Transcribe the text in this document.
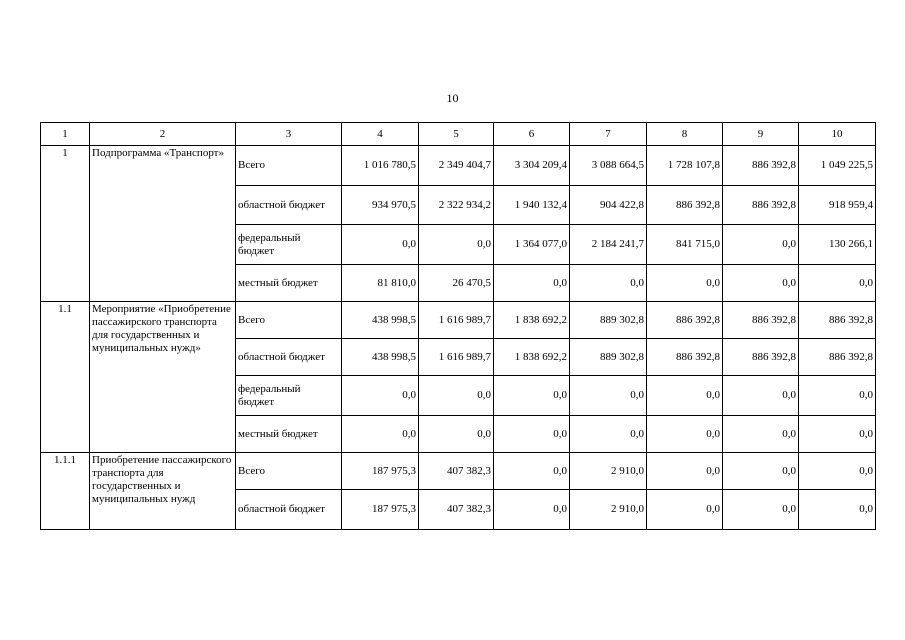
10
1	2	3	4	5	6	7	8	9	10
1	Подпрограмма «Транспорт»	Всего	1 016 780,5	2 349 404,7	3 304 209,4	3 088 664,5	1 728 107,8	886 392,8	1 049 225,5
		областной бюджет	934 970,5	2 322 934,2	1 940 132,4	904 422,8	886 392,8	886 392,8	918 959,4
		федеральный бюджет	0,0	0,0	1 364 077,0	2 184 241,7	841 715,0	0,0	130 266,1
		местный бюджет	81 810,0	26 470,5	0,0	0,0	0,0	0,0	0,0
1.1	Мероприятие «Приобретение пассажирского транспорта для государственных и муниципальных нужд»	Всего	438 998,5	1 616 989,7	1 838 692,2	889 302,8	886 392,8	886 392,8	886 392,8
		областной бюджет	438 998,5	1 616 989,7	1 838 692,2	889 302,8	886 392,8	886 392,8	886 392,8
		федеральный бюджет	0,0	0,0	0,0	0,0	0,0	0,0	0,0
		местный бюджет	0,0	0,0	0,0	0,0	0,0	0,0	0,0
1.1.1	Приобретение пассажирского транспорта для государственных и муниципальных нужд	Всего	187 975,3	407 382,3	0,0	2 910,0	0,0	0,0	0,0
		областной бюджет	187 975,3	407 382,3	0,0	2 910,0	0,0	0,0	0,0
